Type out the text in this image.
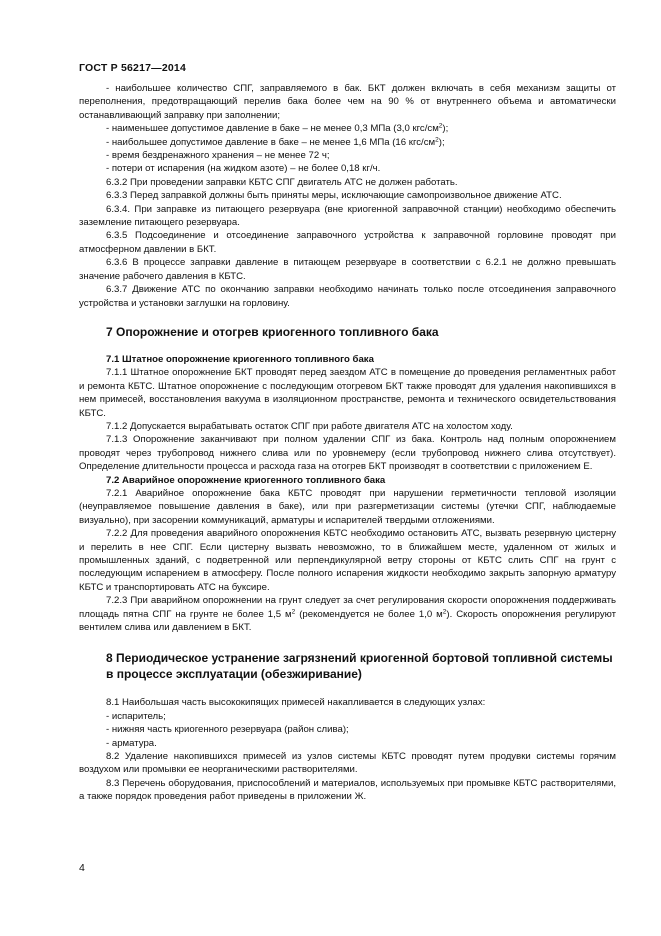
ГОСТ Р 56217—2014

- наибольшее количество СПГ, заправляемого в бак. БКТ должен включать в себя механизм защиты от переполнения, предотвращающий перелив бака более чем на 90 % от внутреннего объема и автоматически останавливающий заправку при заполнении;

- наименьшее допустимое давление в баке – не менее 0,3 МПа (3,0 кгс/$см^2$);

- наибольшее допустимое давление в баке – не менее 1,6 МПа (16 кгс/$см^2$);

- время бездренажного хранения – не менее 72 ч;

- потери от испарения (на жидком азоте) – не более 0,18 кг/ч.

6.3.2 При проведении заправки КБТС СПГ двигатель АТС не должен работать.

6.3.3 Перед заправкой должны быть приняты меры, исключающие самопроизвольное движение АТС.

6.3.4. При заправке из питающего резервуара (вне криогенной заправочной станции) необходимо обеспечить заземление питающего резервуара.

6.3.5 Подсоединение и отсоединение заправочного устройства к заправочной горловине проводят при атмосферном давлении в БКТ.

6.3.6 В процессе заправки давление в питающем резервуаре в соответствии с 6.2.1 не должно превышать значение рабочего давления в КБТС.

6.3.7 Движение АТС по окончанию заправки необходимо начинать только после отсоединения заправочного устройства и установки заглушки на горловину.

7 Опорожнение и отогрев криогенного топливного бака

7.1 Штатное опорожнение криогенного топливного бака

7.1.1 Штатное опорожнение БКТ проводят перед заездом АТС в помещение до проведения регламентных работ и ремонта КБТС. Штатное опорожнение с последующим отогревом БКТ также проводят для удаления накопившихся в нем примесей, восстановления вакуума в изоляционном пространстве, ремонта и технического освидетельствования КБТС.

7.1.2 Допускается вырабатывать остаток СПГ при работе двигателя АТС на холостом ходу.

7.1.3 Опорожнение заканчивают при полном удалении СПГ из бака. Контроль над полным опорожнением проводят через трубопровод нижнего слива или по уровнемеру (если трубопровод нижнего слива отсутствует). Определение длительности процесса и расхода газа на отогрев БКТ производят в соответствии с приложением Е.

7.2 Аварийное опорожнение криогенного топливного бака

7.2.1 Аварийное опорожнение бака КБТС проводят при нарушении герметичности тепловой изоляции (неуправляемое повышение давления в баке), или при разгерметизации системы (утечки СПГ, наблюдаемые визуально), при засорении коммуникаций, арматуры и испарителей твердыми отложениями.

7.2.2 Для проведения аварийного опорожнения КБТС необходимо остановить АТС, вызвать резервную цистерну и перелить в нее СПГ. Если цистерну вызвать невозможно, то в ближайшем месте, удаленном от жилых и промышленных зданий, с подветренной или перпендикулярной ветру стороны от КБТС слить СПГ на грунт с последующим испарением в атмосферу. После полного испарения жидкости необходимо закрыть запорную арматуру КБТС и транспортировать АТС на буксире.

7.2.3 При аварийном опорожнении на грунт следует за счет регулирования скорости опорожнения поддерживать площадь пятна СПГ на грунте не более 1,5 $м^2$ (рекомендуется не более 1,0 $м^2$). Скорость опорожнения регулируют вентилем слива или давлением в БКТ.

8 Периодическое устранение загрязнений криогенной бортовой топливной системы в процессе эксплуатации (обезжиривание)

8.1 Наибольшая часть высококипящих примесей накапливается в следующих узлах:

- испаритель;

- нижняя часть криогенного резервуара (район слива);

- арматура.

8.2 Удаление накопившихся примесей из узлов системы КБТС проводят путем продувки системы горячим воздухом или промывки ее неорганическими растворителями.

8.3 Перечень оборудования, приспособлений и материалов, используемых при промывке КБТС растворителями, а также порядок проведения работ приведены в приложении Ж.

4
